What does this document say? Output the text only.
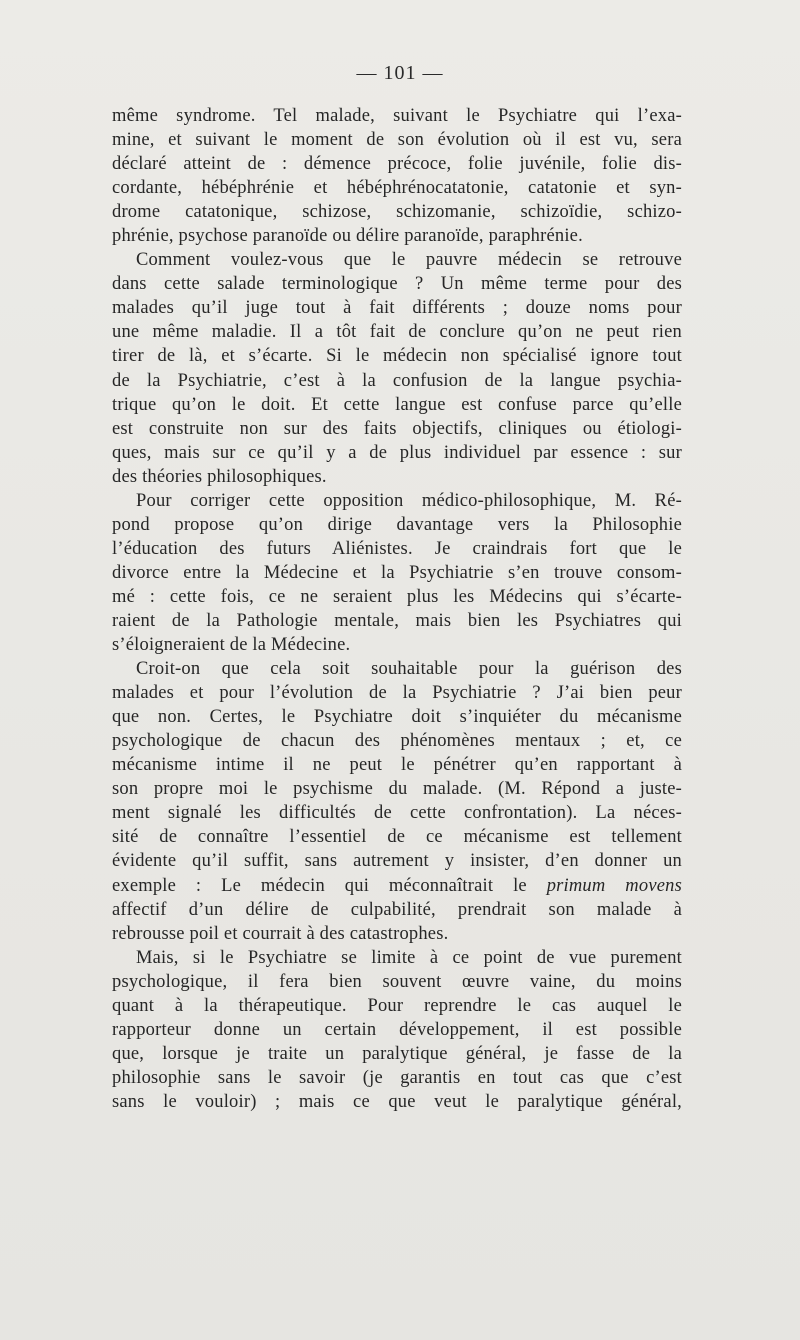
— 101 —
même syndrome. Tel malade, suivant le Psychiatre qui l’exa-
mine, et suivant le moment de son évolution où il est vu, sera
déclaré atteint de : démence précoce, folie juvénile, folie dis-
cordante, hébéphrénie et hébéphrénocatatonie, catatonie et syn-
drome catatonique, schizose, schizomanie, schizoïdie, schizo-
phrénie, psychose paranoïde ou délire paranoïde, paraphrénie.
Comment voulez-vous que le pauvre médecin se retrouve
dans cette salade terminologique ? Un même terme pour des
malades qu’il juge tout à fait différents ; douze noms pour
une même maladie. Il a tôt fait de conclure qu’on ne peut rien
tirer de là, et s’écarte. Si le médecin non spécialisé ignore tout
de la Psychiatrie, c’est à la confusion de la langue psychia-
trique qu’on le doit. Et cette langue est confuse parce qu’elle
est construite non sur des faits objectifs, cliniques ou étiologi-
ques, mais sur ce qu’il y a de plus individuel par essence : sur
des théories philosophiques.
Pour corriger cette opposition médico-philosophique, M. Ré-
pond propose qu’on dirige davantage vers la Philosophie
l’éducation des futurs Aliénistes. Je craindrais fort que le
divorce entre la Médecine et la Psychiatrie s’en trouve consom-
mé : cette fois, ce ne seraient plus les Médecins qui s’écarte-
raient de la Pathologie mentale, mais bien les Psychiatres qui
s’éloigneraient de la Médecine.
Croit-on que cela soit souhaitable pour la guérison des
malades et pour l’évolution de la Psychiatrie ? J’ai bien peur
que non. Certes, le Psychiatre doit s’inquiéter du mécanisme
psychologique de chacun des phénomènes mentaux ; et, ce
mécanisme intime il ne peut le pénétrer qu’en rapportant à
son propre moi le psychisme du malade. (M. Répond a juste-
ment signalé les difficultés de cette confrontation). La néces-
sité de connaître l’essentiel de ce mécanisme est tellement
évidente qu’il suffit, sans autrement y insister, d’en donner un
exemple : Le médecin qui méconnaîtrait le primum movens
affectif d’un délire de culpabilité, prendrait son malade à
rebrousse poil et courrait à des catastrophes.
Mais, si le Psychiatre se limite à ce point de vue purement
psychologique, il fera bien souvent œuvre vaine, du moins
quant à la thérapeutique. Pour reprendre le cas auquel le
rapporteur donne un certain développement, il est possible
que, lorsque je traite un paralytique général, je fasse de la
philosophie sans le savoir (je garantis en tout cas que c’est
sans le vouloir) ; mais ce que veut le paralytique général,
